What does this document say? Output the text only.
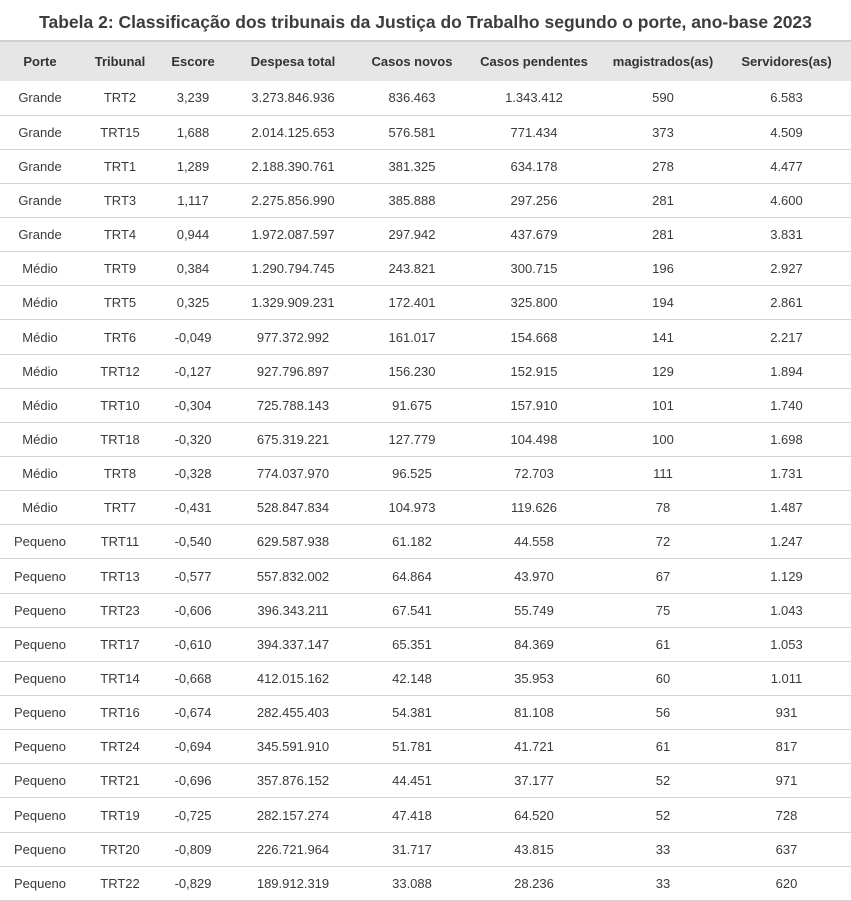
Tabela 2: Classificação dos tribunais da Justiça do Trabalho segundo o porte, ano-base 2023
Porte	Tribunal	Escore	Despesa total	Casos novos	Casos pendentes	magistrados(as)	Servidores(as)
Grande	TRT2	3,239	3.273.846.936	836.463	1.343.412	590	6.583
Grande	TRT15	1,688	2.014.125.653	576.581	771.434	373	4.509
Grande	TRT1	1,289	2.188.390.761	381.325	634.178	278	4.477
Grande	TRT3	1,117	2.275.856.990	385.888	297.256	281	4.600
Grande	TRT4	0,944	1.972.087.597	297.942	437.679	281	3.831
Médio	TRT9	0,384	1.290.794.745	243.821	300.715	196	2.927
Médio	TRT5	0,325	1.329.909.231	172.401	325.800	194	2.861
Médio	TRT6	-0,049	977.372.992	161.017	154.668	141	2.217
Médio	TRT12	-0,127	927.796.897	156.230	152.915	129	1.894
Médio	TRT10	-0,304	725.788.143	91.675	157.910	101	1.740
Médio	TRT18	-0,320	675.319.221	127.779	104.498	100	1.698
Médio	TRT8	-0,328	774.037.970	96.525	72.703	111	1.731
Médio	TRT7	-0,431	528.847.834	104.973	119.626	78	1.487
Pequeno	TRT11	-0,540	629.587.938	61.182	44.558	72	1.247
Pequeno	TRT13	-0,577	557.832.002	64.864	43.970	67	1.129
Pequeno	TRT23	-0,606	396.343.211	67.541	55.749	75	1.043
Pequeno	TRT17	-0,610	394.337.147	65.351	84.369	61	1.053
Pequeno	TRT14	-0,668	412.015.162	42.148	35.953	60	1.011
Pequeno	TRT16	-0,674	282.455.403	54.381	81.108	56	931
Pequeno	TRT24	-0,694	345.591.910	51.781	41.721	61	817
Pequeno	TRT21	-0,696	357.876.152	44.451	37.177	52	971
Pequeno	TRT19	-0,725	282.157.274	47.418	64.520	52	728
Pequeno	TRT20	-0,809	226.721.964	31.717	43.815	33	637
Pequeno	TRT22	-0,829	189.912.319	33.088	28.236	33	620
